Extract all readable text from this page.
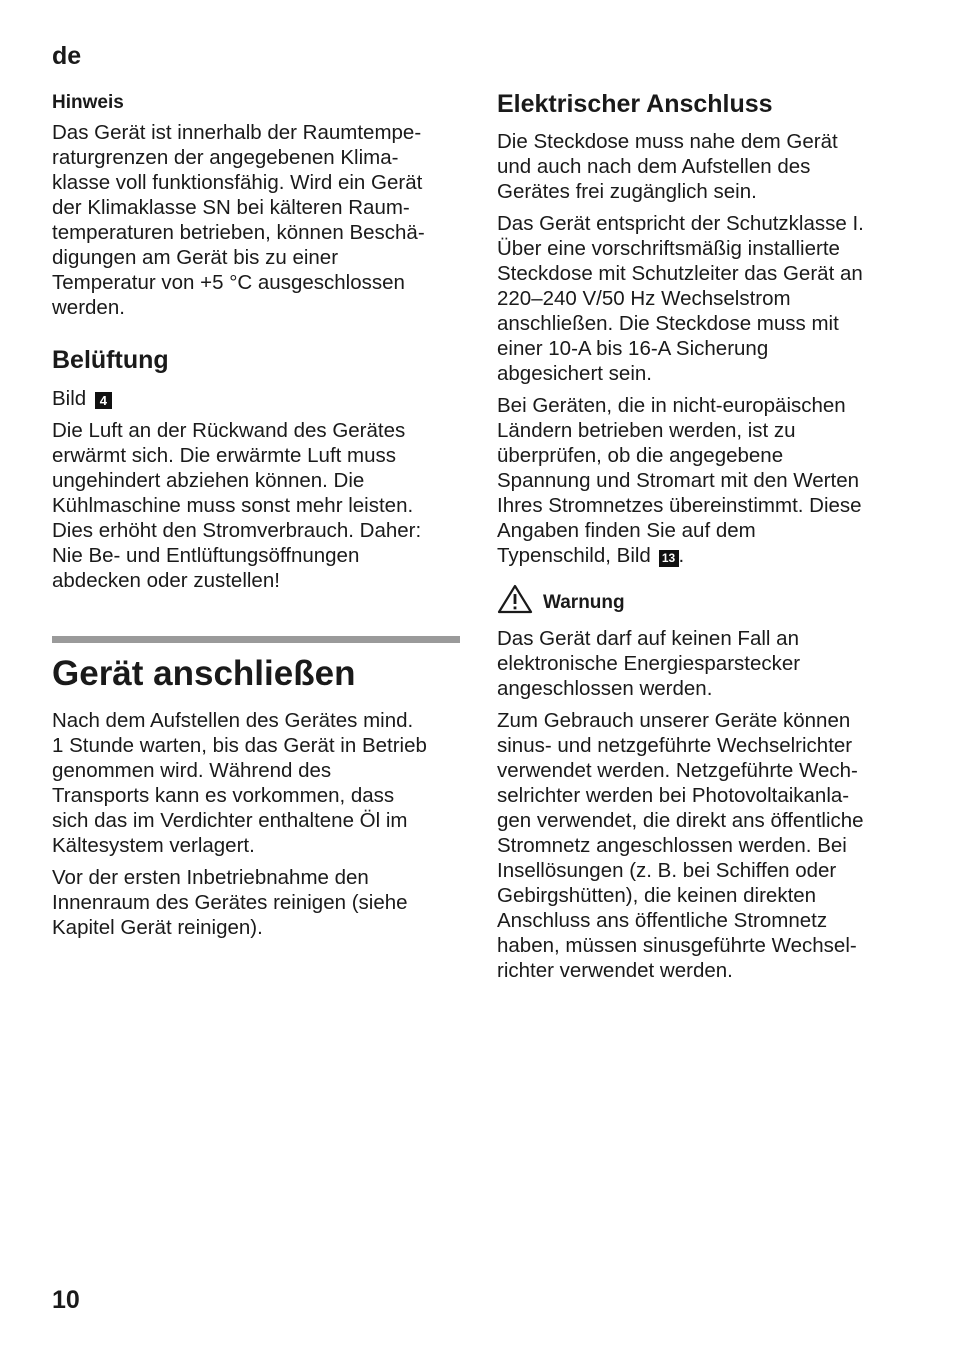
de
Hinweis

Das Gerät ist innerhalb der Raumtempe-
raturgrenzen der angegebenen Klima-
klasse voll funktionsfähig. Wird ein Gerät
der Klimaklasse SN bei kälteren Raum-
temperaturen betrieben, können Beschä-
digungen am Gerät bis zu einer
Temperatur von +5 °C ausgeschlossen
werden.

Belüftung

Bild 4

Die Luft an der Rückwand des Gerätes
erwärmt sich. Die erwärmte Luft muss
ungehindert abziehen können. Die
Kühlmaschine muss sonst mehr leisten.
Dies erhöht den Stromverbrauch. Daher:
Nie Be- und Entlüftungsöffnungen
abdecken oder zustellen!

Gerät anschließen

Nach dem Aufstellen des Gerätes mind.
1 Stunde warten, bis das Gerät in Betrieb
genommen wird. Während des
Transports kann es vorkommen, dass
sich das im Verdichter enthaltene Öl im
Kältesystem verlagert.

Vor der ersten Inbetriebnahme den
Innenraum des Gerätes reinigen (siehe
Kapitel Gerät reinigen).

Elektrischer Anschluss

Die Steckdose muss nahe dem Gerät
und auch nach dem Aufstellen des
Gerätes frei zugänglich sein.

Das Gerät entspricht der Schutzklasse I.
Über eine vorschriftsmäßig installierte
Steckdose mit Schutzleiter das Gerät an
220–240 V/50 Hz Wechselstrom
anschließen. Die Steckdose muss mit
einer 10-A bis 16-A Sicherung
abgesichert sein.

Bei Geräten, die in nicht-europäischen
Ländern betrieben werden, ist zu
überprüfen, ob die angegebene
Spannung und Stromart mit den Werten
Ihres Stromnetzes übereinstimmt. Diese
Angaben finden Sie auf dem
Typenschild, Bild 13 .

Warnung

Das Gerät darf auf keinen Fall an
elektronische Energiesparstecker
angeschlossen werden.

Zum Gebrauch unserer Geräte können
sinus- und netzgeführte Wechselrichter
verwendet werden. Netzgeführte Wech-
selrichter werden bei Photovoltaikanla-
gen verwendet, die direkt ans öffentliche
Stromnetz angeschlossen werden. Bei
Insellösungen (z. B. bei Schiffen oder
Gebirgshütten), die keinen direkten
Anschluss ans öffentliche Stromnetz
haben, müssen sinusgeführte Wechsel-
richter verwendet werden.

10
